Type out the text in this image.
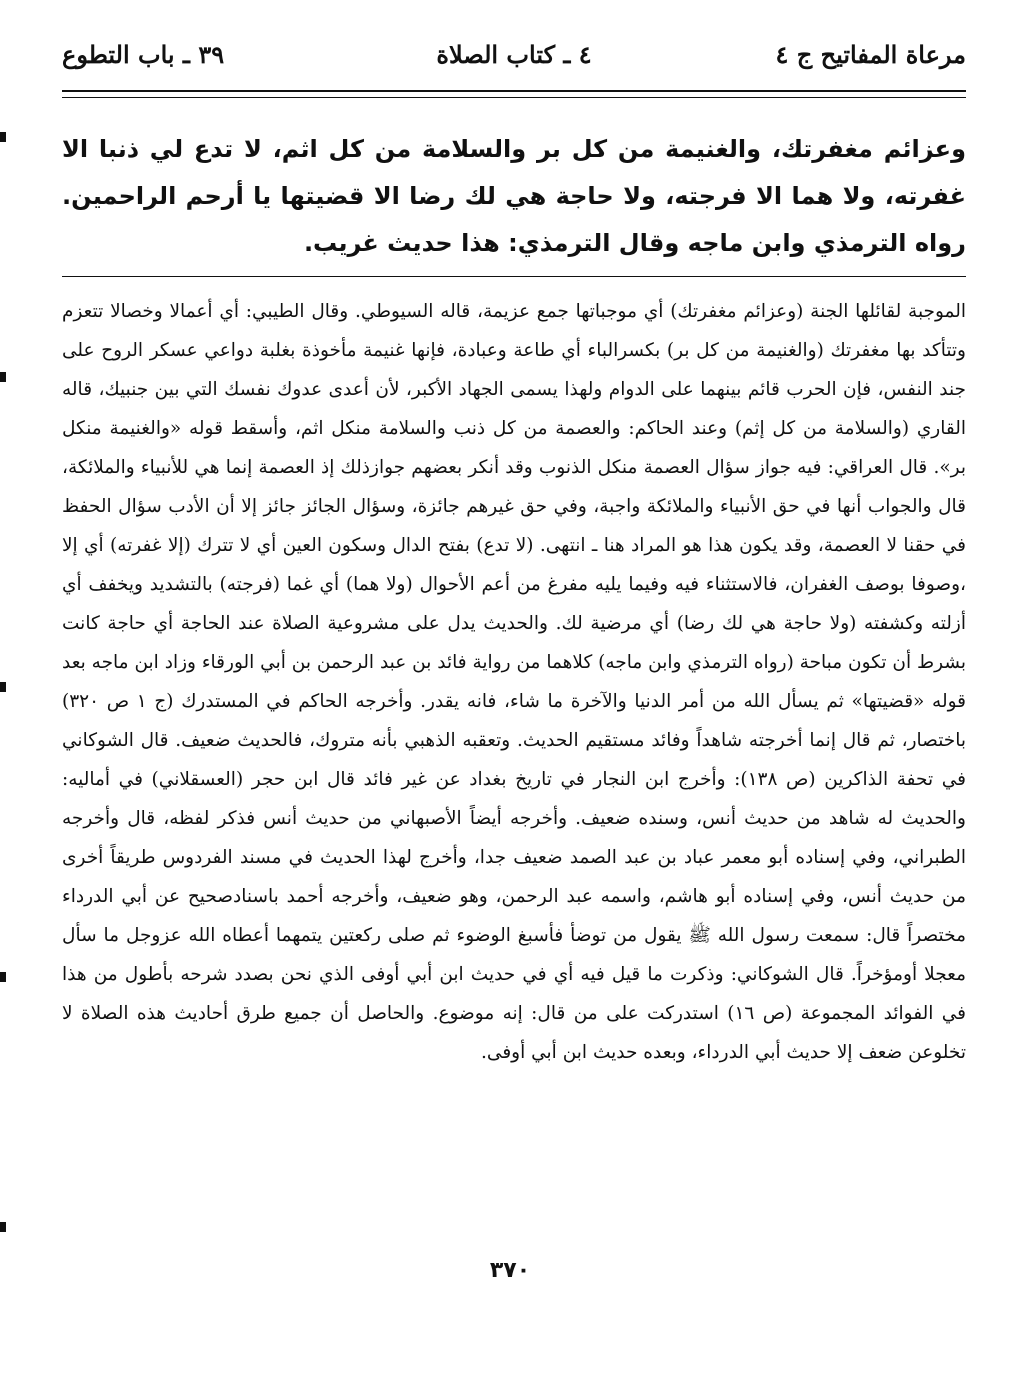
مرعاة المفاتيح ج ٤
٤ ـ كتاب الصلاة
٣٩ ـ باب التطوع
وعزائم مغفرتك، والغنيمة من كل بر والسلامة من كل اثم، لا تدع لي ذنبا الا غفرته، ولا هما الا فرجته، ولا حاجة هي لك رضا الا قضيتها يا أرحم الراحمين. رواه الترمذي وابن ماجه وقال الترمذي: هذا حديث غريب.

الموجبة لقائلها الجنة (وعزائم مغفرتك) أي موجباتها جمع عزيمة، قاله السيوطي. وقال الطيبي: أي أعمالا وخصالا تتعزم وتتأكد بها مغفرتك (والغنيمة من كل بر) بكسرالباء أي طاعة وعبادة، فإنها غنيمة مأخوذة بغلبة دواعي عسكر الروح على جند النفس، فإن الحرب قائم بينهما على الدوام ولهذا يسمى الجهاد الأكبر، لأن أعدى عدوك نفسك التي بين جنبيك، قاله القاري (والسلامة من كل إثم) وعند الحاكم: والعصمة من كل ذنب والسلامة منكل اثم، وأسقط قوله «والغنيمة منكل بر». قال العراقي: فيه جواز سؤال العصمة منكل الذنوب وقد أنكر بعضهم جوازذلك إذ العصمة إنما هي للأنبياء والملائكة، قال والجواب أنها في حق الأنبياء والملائكة واجبة، وفي حق غيرهم جائزة، وسؤال الجائز جائز إلا أن الأدب سؤال الحفظ في حقنا لا العصمة، وقد يكون هذا هو المراد هنا ـ انتهى. (لا تدع) بفتح الدال وسكون العين أي لا تترك (إلا غفرته) أي إلا ،وصوفا بوصف الغفران، فالاستثناء فيه وفيما يليه مفرغ من أعم الأحوال (ولا هما) أي غما (فرجته) بالتشديد ويخفف أي أزلته وكشفته (ولا حاجة هي لك رضا) أي مرضية لك. والحديث يدل على مشروعية الصلاة عند الحاجة أي حاجة كانت بشرط أن تكون مباحة (رواه الترمذي وابن ماجه) كلاهما من رواية فائد بن عبد الرحمن بن أبي الورقاء وزاد ابن ماجه بعد قوله «قضيتها» ثم يسأل الله من أمر الدنيا والآخرة ما شاء، فانه يقدر. وأخرجه الحاكم في المستدرك (ج ١ ص ٣٢٠) باختصار، ثم قال إنما أخرجته شاهداً وفائد مستقيم الحديث. وتعقبه الذهبي بأنه متروك، فالحديث ضعيف. قال الشوكاني في تحفة الذاكرين (ص ١٣٨): وأخرج ابن النجار في تاريخ بغداد عن غير فائد قال ابن حجر (العسقلاني) في أماليه: والحديث له شاهد من حديث أنس، وسنده ضعيف. وأخرجه أيضاً الأصبهاني من حديث أنس فذكر لفظه، قال وأخرجه الطبراني، وفي إسناده أبو معمر عباد بن عبد الصمد ضعيف جدا، وأخرج لهذا الحديث في مسند الفردوس طريقاً أخرى من حديث أنس، وفي إسناده أبو هاشم، واسمه عبد الرحمن، وهو ضعيف، وأخرجه أحمد باسنادصحيح عن أبي الدرداء مختصراً قال: سمعت رسول الله ﷺ يقول من توضأ فأسبغ الوضوء ثم صلى ركعتين يتمهما أعطاه الله عزوجل ما سأل معجلا أومؤخراً. قال الشوكاني: وذكرت ما قيل فيه أي في حديث ابن أبي أوفى الذي نحن بصدد شرحه بأطول من هذا في الفوائد المجموعة (ص ١٦) استدركت على من قال: إنه موضوع. والحاصل أن جميع طرق أحاديث هذه الصلاة لا تخلوعن ضعف إلا حديث أبي الدرداء، وبعده حديث ابن أبي أوفى.

٣٧٠
